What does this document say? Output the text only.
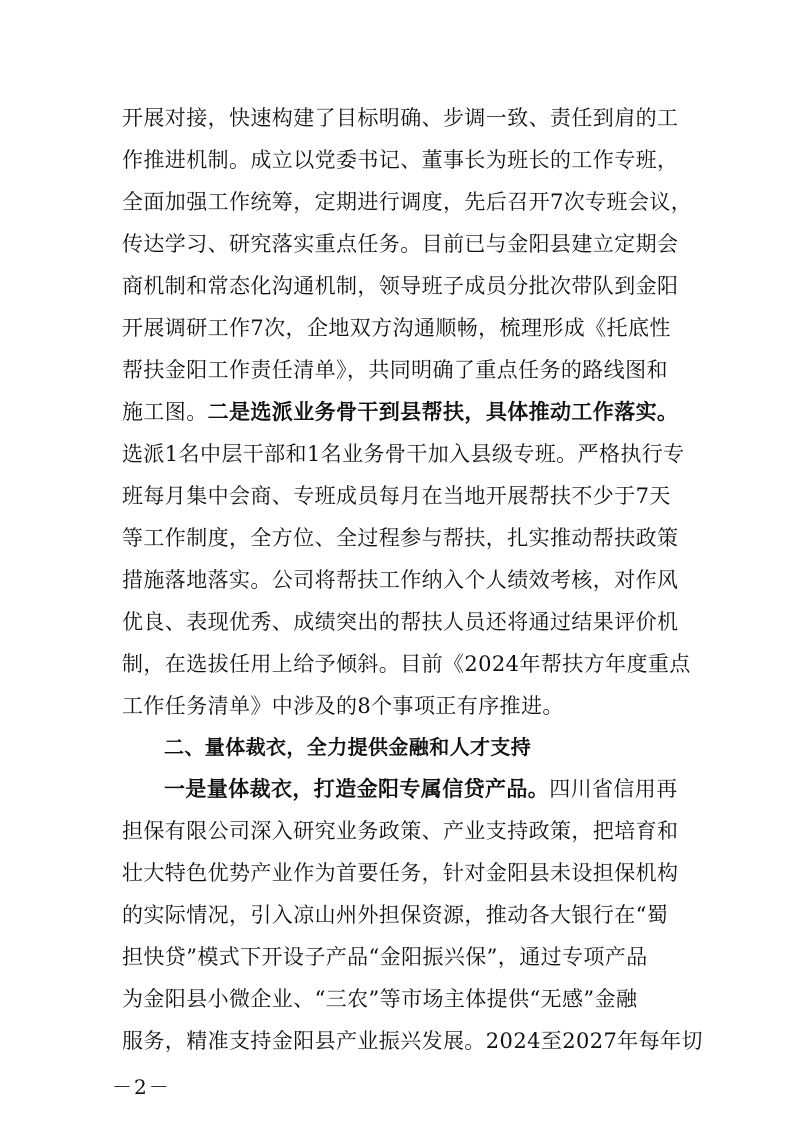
开展对接，快速构建了目标明确、步调一致、责任到肩的工
作推进机制。成立以党委书记、董事长为班长的工作专班，
全面加强工作统筹，定期进行调度，先后召开7次专班会议，
传达学习、研究落实重点任务。目前已与金阳县建立定期会
商机制和常态化沟通机制，领导班子成员分批次带队到金阳
开展调研工作7次，企地双方沟通顺畅，梳理形成《托底性
帮扶金阳工作责任清单》，共同明确了重点任务的路线图和
施工图。二是选派业务骨干到县帮扶，具体推动工作落实。
选派1名中层干部和1名业务骨干加入县级专班。严格执行专
班每月集中会商、专班成员每月在当地开展帮扶不少于7天
等工作制度，全方位、全过程参与帮扶，扎实推动帮扶政策
措施落地落实。公司将帮扶工作纳入个人绩效考核，对作风
优良、表现优秀、成绩突出的帮扶人员还将通过结果评价机
制，在选拔任用上给予倾斜。目前《2024年帮扶方年度重点
工作任务清单》中涉及的8个事项正有序推进。
二、量体裁衣，全力提供金融和人才支持
一是量体裁衣，打造金阳专属信贷产品。四川省信用再
担保有限公司深入研究业务政策、产业支持政策，把培育和
壮大特色优势产业作为首要任务，针对金阳县未设担保机构
的实际情况，引入凉山州外担保资源，推动各大银行在“蜀
担快贷”模式下开设子产品“金阳振兴保”，通过专项产品
为金阳县小微企业、“三农”等市场主体提供“无感”金融
服务，精准支持金阳县产业振兴发展。2024至2027年每年切
－2－
